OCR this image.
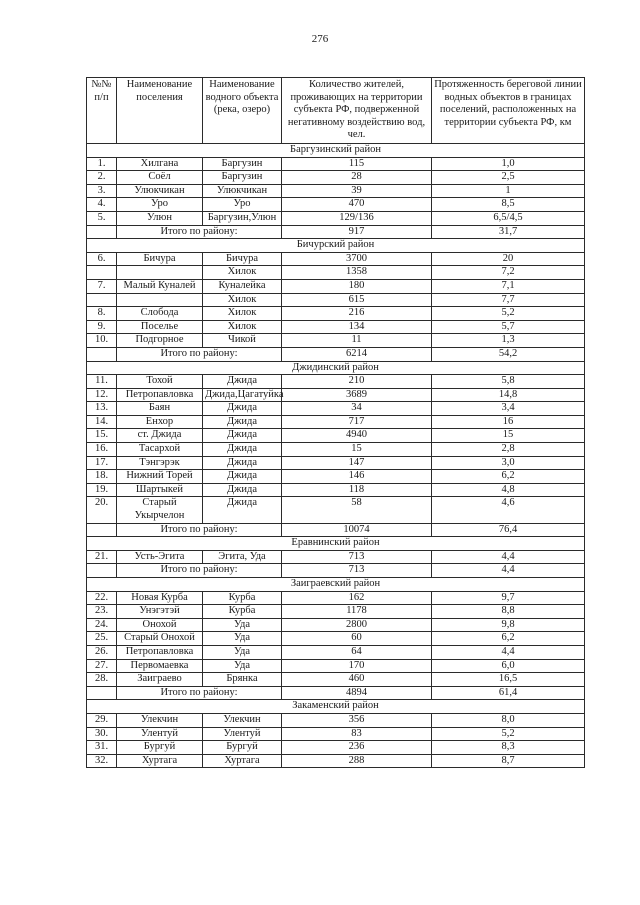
276
№№ п/п	Наименование поселения	Наименование водного объекта (река, озеро)	Количество жителей, проживающих на территории субъекта РФ, подверженной негативному воздействию вод, чел.	Протяженность береговой линии водных объектов в границах поселений, расположенных на территории субъекта РФ, км
Баргузинский район				
1.	Хилгана	Баргузин	115	1,0
2.	Соёл	Баргузин	28	2,5
3.	Улюкчикан	Улюкчикан	39	1
4.	Уро	Уро	470	8,5
5.	Улюн	Баргузин,Улюн	129/136	6,5/4,5
	Итого по району:		917	31,7
Бичурский район				
6.	Бичура	Бичура	3700	20
		Хилок	1358	7,2
7.	Малый Куналей	Куналейка	180	7,1
		Хилок	615	7,7
8.	Слобода	Хилок	216	5,2
9.	Поселье	Хилок	134	5,7
10.	Подгорное	Чикой	11	1,3
	Итого по району:		6214	54,2
Джидинский район				
11.	Тохой	Джида	210	5,8
12.	Петропавловка	Джида,Цагатуйка	3689	14,8
13.	Баян	Джида	34	3,4
14.	Енхор	Джида	717	16
15.	ст. Джида	Джида	4940	15
16.	Тасархой	Джида	15	2,8
17.	Тэнгэрэк	Джида	147	3,0
18.	Нижний Торей	Джида	146	6,2
19.	Шартыкей	Джида	118	4,8
20.	Старый Укырчелон	Джида	58	4,6
	Итого по району:		10074	76,4
Еравнинский район				
21.	Усть-Эгита	Эгита, Уда	713	4,4
	Итого по району:		713	4,4
Заиграевский район				
22.	Новая Курба	Курба	162	9,7
23.	Унэгэтэй	Курба	1178	8,8
24.	Онохой	Уда	2800	9,8
25.	Старый Онохой	Уда	60	6,2
26.	Петропавловка	Уда	64	4,4
27.	Первомаевка	Уда	170	6,0
28.	Заиграево	Брянка	460	16,5
	Итого по району:		4894	61,4
Закаменский район				
29.	Улекчин	Улекчин	356	8,0
30.	Улентуй	Улентуй	83	5,2
31.	Бургуй	Бургуй	236	8,3
32.	Хуртага	Хуртага	288	8,7
